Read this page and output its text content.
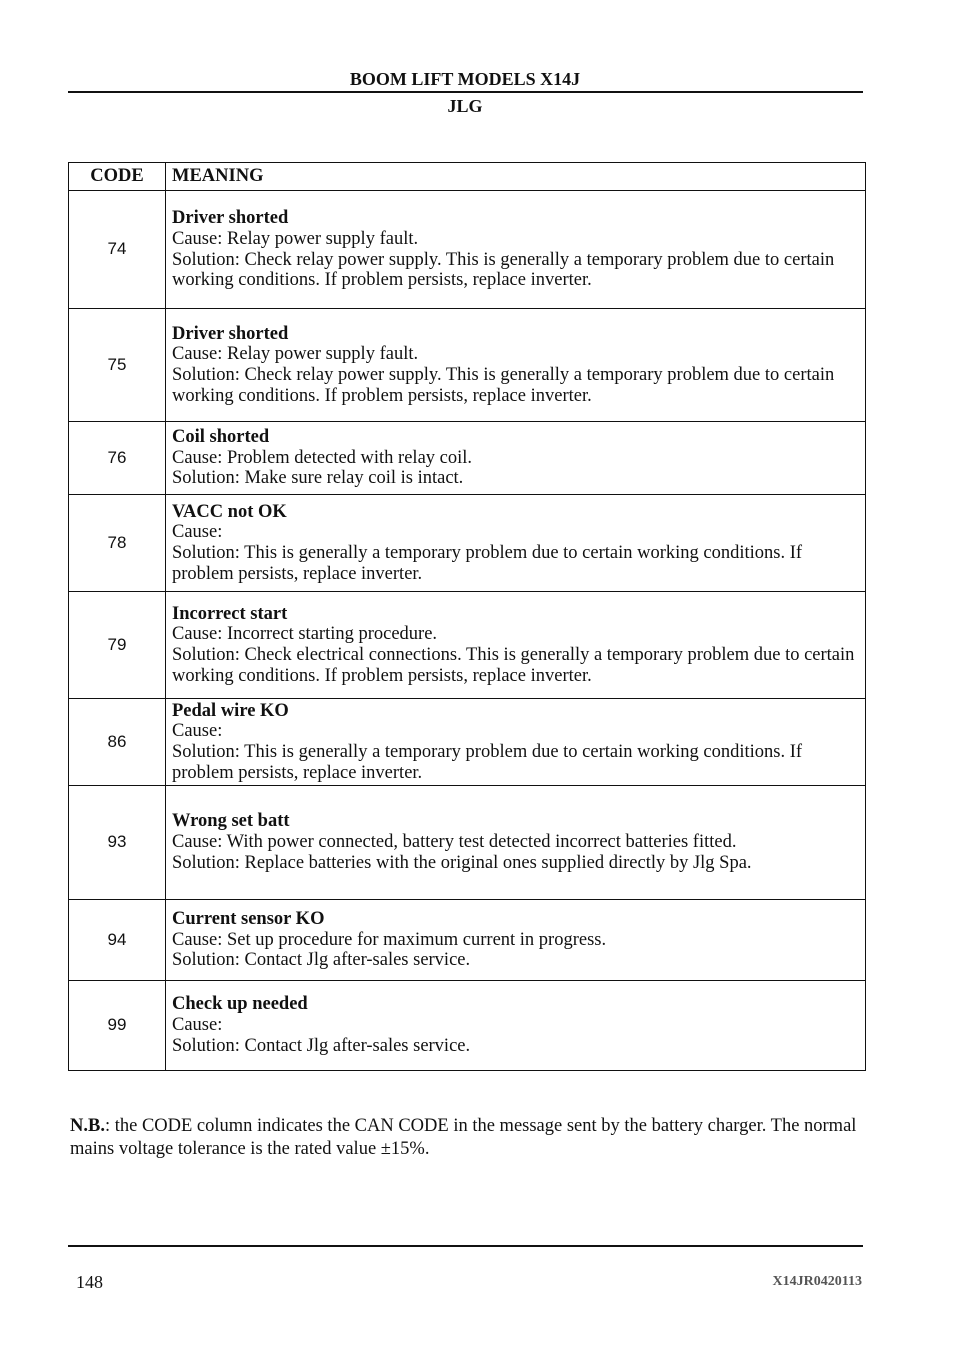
BOOM LIFT MODELS X14J
JLG
CODE	MEANING
74	Driver shorted
Cause: Relay power supply fault.
Solution: Check relay power supply. This is generally a temporary problem due to certain working conditions. If problem persists, replace inverter.

75	Driver shorted
Cause: Relay power supply fault.
Solution: Check relay power supply. This is generally a temporary problem due to certain working conditions. If problem persists, replace inverter.

76	Coil shorted
Cause: Problem detected with relay coil.
Solution: Make sure relay coil is intact.

78	VACC not OK
Cause:
Solution: This is generally a temporary problem due to certain working conditions. If problem persists, replace inverter.

79	Incorrect start
Cause: Incorrect starting procedure.
Solution: Check electrical connections. This is generally a temporary problem due to certain working conditions. If problem persists, replace inverter.

86	Pedal wire KO
Cause:
Solution: This is generally a temporary problem due to certain working conditions. If problem persists, replace inverter.

93	Wrong set batt
Cause: With power connected, battery test detected incorrect batteries fitted.
Solution: Replace batteries with the original ones supplied directly by Jlg Spa.

94	Current sensor KO
Cause: Set up procedure for maximum current in progress.
Solution: Contact Jlg after-sales service.

99	Check up needed
Cause:
Solution: Contact Jlg after-sales service.
N.B.: the CODE column indicates the CAN CODE in the message sent by the battery charger. The normal mains voltage tolerance is the rated value ±15%.
148	X14JR0420113
